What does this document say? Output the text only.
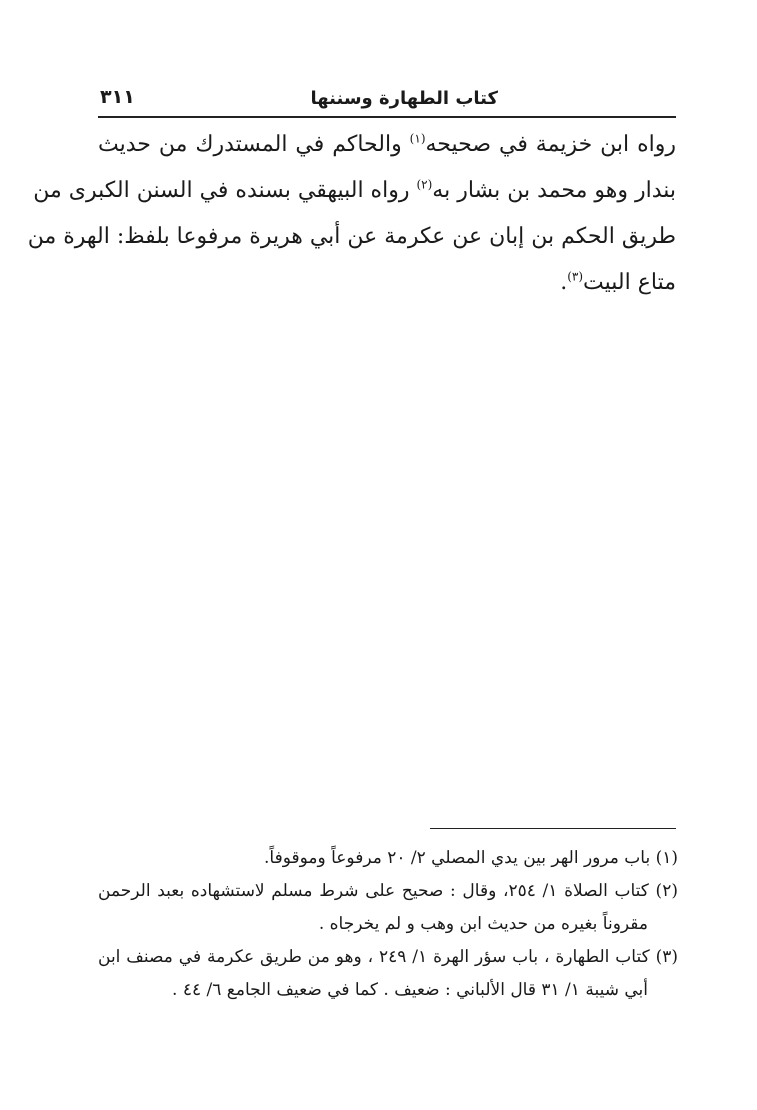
كتاب الطهارة وسننها
٣١١
رواه ابن خزيمة في صحيحه$^{(١)}$ والحاكم في المستدرك من حديث
بندار وهو محمد بن بشار به$^{(٢)}$ رواه البيهقي بسنده في السنن الكبرى من
طريق الحكم بن إبان عن عكرمة عن أبي هريرة مرفوعا بلفظ: الهرة من
متاع البيت$^{(٣)}$.
(١) باب مرور الهر بين يدي المصلي ٢/ ٢٠ مرفوعاً وموقوفاً.
(٢) كتاب الصلاة ١/ ٢٥٤، وقال : صحيح على شرط مسلم لاستشهاده بعبد الرحمن
مقروناً بغيره من حديث ابن وهب و لم يخرجاه .
(٣) كتاب الطهارة ، باب سؤر الهرة ١/ ٢٤٩ ، وهو من طريق عكرمة في مصنف ابن
أبي شيبة ١/ ٣١ قال الألباني : ضعيف . كما في ضعيف الجامع ٦/ ٤٤ .
